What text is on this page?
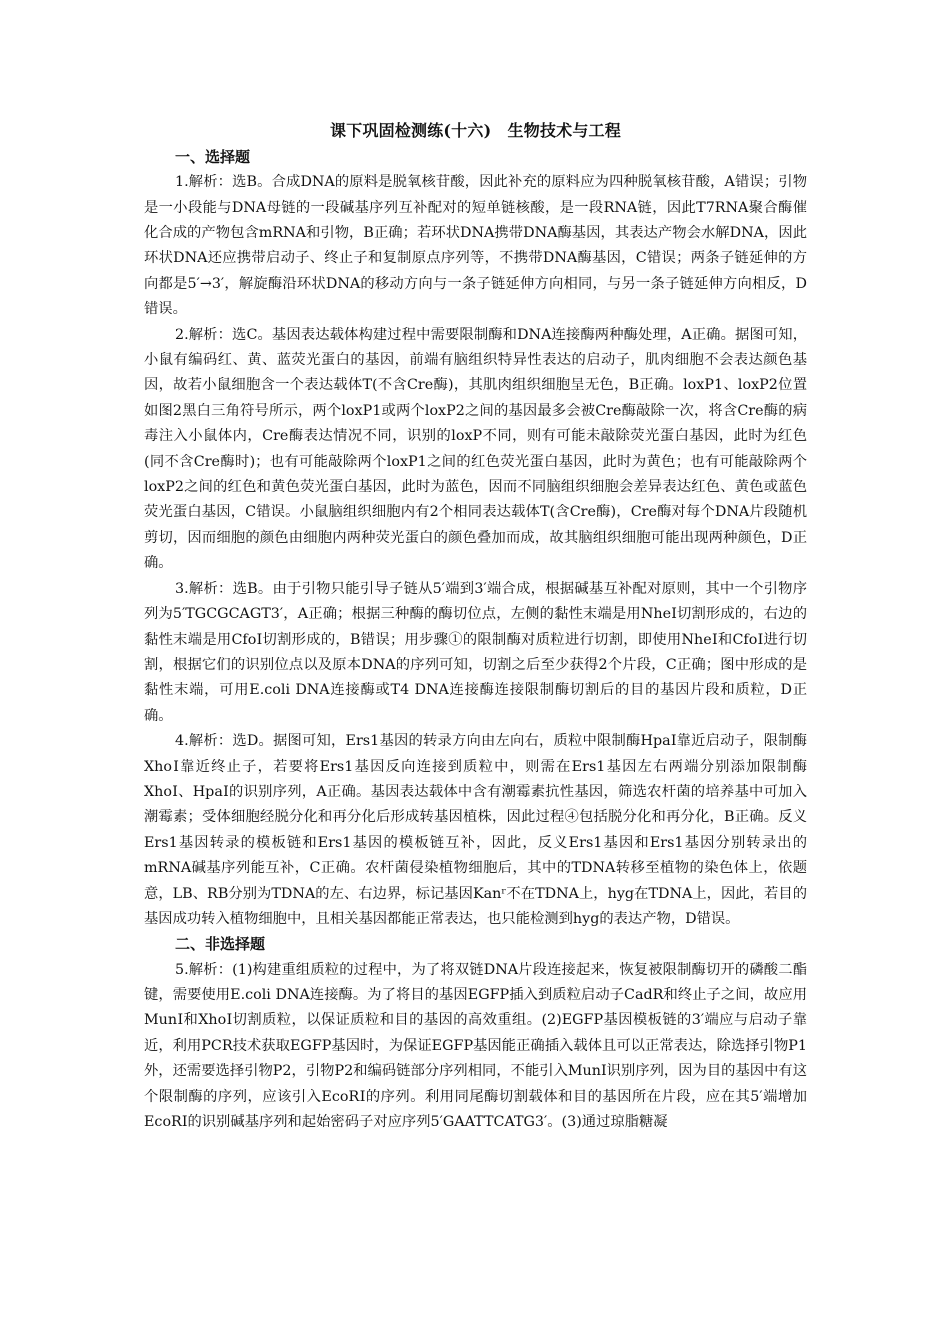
课下巩固检测练(十六)　生物技术与工程
一、选择题

1.解析：选B。合成DNA的原料是脱氧核苷酸，因此补充的原料应为四种脱氧核苷酸，A错误；引物是一小段能与DNA母链的一段碱基序列互补配对的短单链核酸，是一段RNA链，因此T7RNA聚合酶催化合成的产物包含mRNA和引物，B正确；若环状DNA携带DNA酶基因，其表达产物会水解DNA，因此环状DNA还应携带启动子、终止子和复制原点序列等，不携带DNA酶基因，C错误；两条子链延伸的方向都是5′→3′，解旋酶沿环状DNA的移动方向与一条子链延伸方向相同，与另一条子链延伸方向相反，D错误。

2.解析：选C。基因表达载体构建过程中需要限制酶和DNA连接酶两种酶处理，A正确。据图可知，小鼠有编码红、黄、蓝荧光蛋白的基因，前端有脑组织特异性表达的启动子，肌肉细胞不会表达颜色基因，故若小鼠细胞含一个表达载体T(不含Cre酶)，其肌肉组织细胞呈无色，B正确。loxP1、loxP2位置如图2黑白三角符号所示，两个loxP1或两个loxP2之间的基因最多会被Cre酶敲除一次，将含Cre酶的病毒注入小鼠体内，Cre酶表达情况不同，识别的loxP不同，则有可能未敲除荧光蛋白基因，此时为红色(同不含Cre酶时)；也有可能敲除两个loxP1之间的红色荧光蛋白基因，此时为黄色；也有可能敲除两个loxP2之间的红色和黄色荧光蛋白基因，此时为蓝色，因而不同脑组织细胞会差异表达红色、黄色或蓝色荧光蛋白基因，C错误。小鼠脑组织细胞内有2个相同表达载体T(含Cre酶)，Cre酶对每个DNA片段随机剪切，因而细胞的颜色由细胞内两种荧光蛋白的颜色叠加而成，故其脑组织细胞可能出现两种颜色，D正确。

3.解析：选B。由于引物只能引导子链从5′端到3′端合成，根据碱基互补配对原则，其中一个引物序列为5′TGCGCAGT3′，A正确；根据三种酶的酶切位点，左侧的黏性末端是用NheⅠ切割形成的，右边的黏性末端是用CfoⅠ切割形成的，B错误；用步骤①的限制酶对质粒进行切割，即使用NheⅠ和CfoⅠ进行切割，根据它们的识别位点以及原本DNA的序列可知，切割之后至少获得2个片段，C正确；图中形成的是黏性末端，可用E.coli DNA连接酶或T4 DNA连接酶连接限制酶切割后的目的基因片段和质粒，D正确。

4.解析：选D。据图可知，Ers1基因的转录方向由左向右，质粒中限制酶HpaⅠ靠近启动子，限制酶XhoⅠ靠近终止子，若要将Ers1基因反向连接到质粒中，则需在Ers1基因左右两端分别添加限制酶XhoⅠ、HpaⅠ的识别序列，A正确。基因表达载体中含有潮霉素抗性基因，筛选农杆菌的培养基中可加入潮霉素；受体细胞经脱分化和再分化后形成转基因植株，因此过程④包括脱分化和再分化，B正确。反义Ers1基因转录的模板链和Ers1基因的模板链互补，因此，反义Ers1基因和Ers1基因分别转录出的mRNA碱基序列能互补，C正确。农杆菌侵染植物细胞后，其中的TDNA转移至植物的染色体上，依题意，LB、RB分别为TDNA的左、右边界，标记基因Kanʳ不在TDNA上，hyg在TDNA上，因此，若目的基因成功转入植物细胞中，且相关基因都能正常表达，也只能检测到hyg的表达产物，D错误。

二、非选择题

5.解析：(1)构建重组质粒的过程中，为了将双链DNA片段连接起来，恢复被限制酶切开的磷酸二酯键，需要使用E.coli DNA连接酶。为了将目的基因EGFP插入到质粒启动子CadR和终止子之间，故应用MunⅠ和XhoⅠ切割质粒，以保证质粒和目的基因的高效重组。(2)EGFP基因模板链的3′端应与启动子靠近，利用PCR技术获取EGFP基因时，为保证EGFP基因能正确插入载体且可以正常表达，除选择引物P1外，还需要选择引物P2，引物P2和编码链部分序列相同，不能引入MunⅠ识别序列，因为目的基因中有这个限制酶的序列，应该引入EcoRⅠ的序列。利用同尾酶切割载体和目的基因所在片段，应在其5′端增加EcoRⅠ的识别碱基序列和起始密码子对应序列5′GAATTCATG3′。(3)通过琼脂糖凝
